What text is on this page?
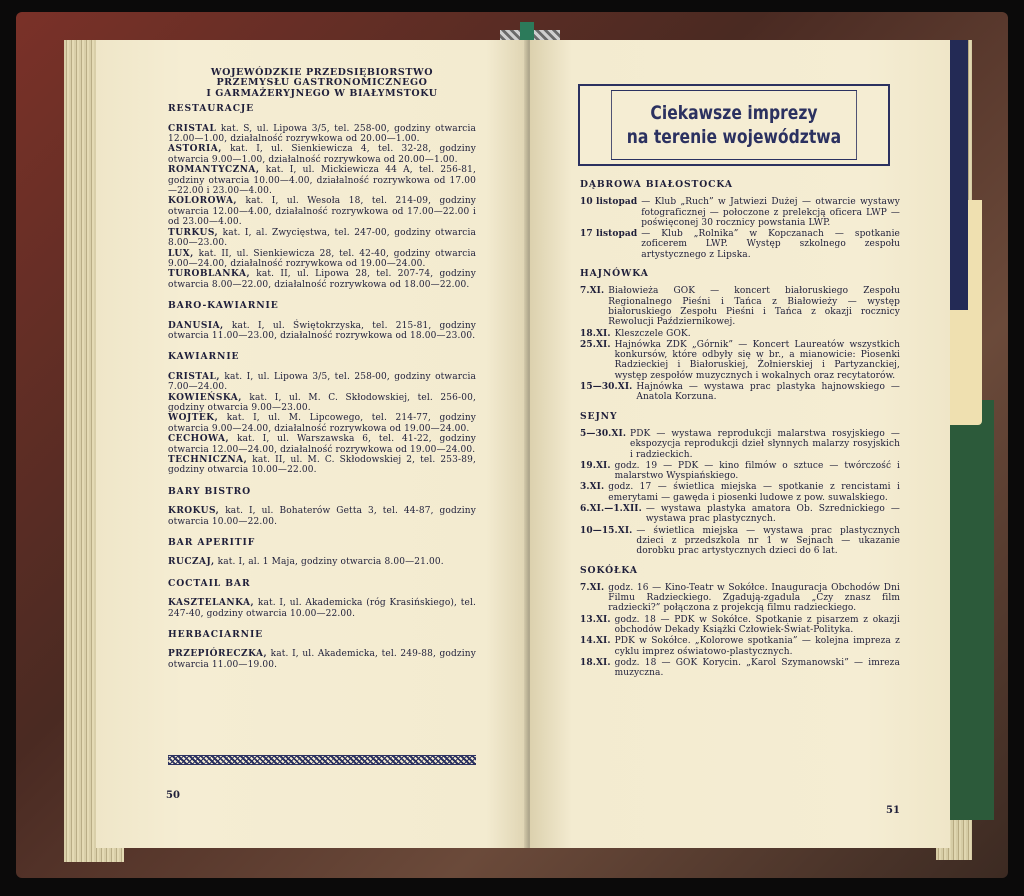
WOJEWÓDZKIE PRZEDSIĘBIORSTWO
PRZEMYSŁU GASTRONOMICZNEGO
I GARMAŻERYJNEGO W BIAŁYMSTOKU
RESTAURACJE

CRISTAL kat. S, ul. Lipowa 3/5, tel. 258-00, godziny otwarcia 12.00—1.00, działalność rozrywkowa od 20.00—1.00.

ASTORIA, kat. I, ul. Sienkiewicza 4, tel. 32-28, godziny otwarcia 9.00—1.00, działalność rozrywkowa od 20.00—1.00.

ROMANTYCZNA, kat. I, ul. Mickiewicza 44 A, tel. 256-81, godziny otwarcia 10.00—4.00, działalność rozrywkowa od 17.00—22.00 i 23.00—4.00.

KOLOROWA, kat. I, ul. Wesoła 18, tel. 214-09, godziny otwarcia 12.00—4.00, działalność rozrywkowa od 17.00—22.00 i od 23.00—4.00.

TURKUS, kat. I, al. Zwycięstwa, tel. 247-00, godziny otwarcia 8.00—23.00.

LUX, kat. II, ul. Sienkiewicza 28, tel. 42-40, godziny otwarcia 9.00—24.00, działalność rozrywkowa od 19.00—24.00.

TUROBLANKA, kat. II, ul. Lipowa 28, tel. 207-74, godziny otwarcia 8.00—22.00, działalność rozrywkowa od 18.00—22.00.

BARO-KAWIARNIE

DANUSIA, kat. I, ul. Świętokrzyska, tel. 215-81, godziny otwarcia 11.00—23.00, działalność rozrywkowa od 18.00—23.00.

KAWIARNIE

CRISTAL, kat. I, ul. Lipowa 3/5, tel. 258-00, godziny otwarcia 7.00—24.00.

KOWIEŃSKA, kat. I, ul. M. C. Skłodowskiej, tel. 256-00, godziny otwarcia 9.00—23.00.

WOJTEK, kat. I, ul. M. Lipcowego, tel. 214-77, godziny otwarcia 9.00—24.00, działalność rozrywkowa od 19.00—24.00.

CECHOWA, kat. I, ul. Warszawska 6, tel. 41-22, godziny otwarcia 12.00—24.00, działalność rozrywkowa od 19.00—24.00.

TECHNICZNA, kat. II, ul. M. C. Skłodowskiej 2, tel. 253-89, godziny otwarcia 10.00—22.00.

BARY BISTRO

KROKUS, kat. I, ul. Bohaterów Getta 3, tel. 44-87, godziny otwarcia 10.00—22.00.

BAR APERITIF

RUCZAJ, kat. I, al. 1 Maja, godziny otwarcia 8.00—21.00.

COCTAIL BAR

KASZTELANKA, kat. I, ul. Akademicka (róg Krasińskiego), tel. 247-40, godziny otwarcia 10.00—22.00.

HERBACIARNIE

PRZEPIÓRECZKA, kat. I, ul. Akademicka, tel. 249-88, godziny otwarcia 11.00—19.00.

50
Ciekawsze imprezy
na terenie województwa
DĄBROWA BIAŁOSTOCKA
10 listopad — Klub „Ruch” w Jatwiezi Dużej — otwarcie wystawy fotograficznej — połoczone z prelekcją oficera LWP — poświęconej 30 rocznicy powstania LWP.
17 listopad — Klub „Rolnika” w Kopczanach — spotkanie zoficerem LWP. Występ szkolnego zespołu artystycznego z Lipska.
HAJNÓWKA
7.XI. Białowieża GOK — koncert białoruskiego Zespołu Regionalnego Pieśni i Tańca z Białowieży — występ białoruskiego Zespołu Pieśni i Tańca z okazji rocznicy Rewolucji Październikowej.
18.XI. Kleszczele GOK.
25.XI. Hajnówka ZDK „Górnik” — Koncert Laureatów wszystkich konkursów, które odbyły się w br., a mianowicie: Piosenki Radzieckiej i Białoruskiej, Żołnierskiej i Partyzanckiej, występ zespołów muzycznych i wokalnych oraz recytatorów.
15—30.XI. Hajnówka — wystawa prac plastyka hajnowskiego — Anatola Korzuna.
SEJNY
5—30.XI. PDK — wystawa reprodukcji malarstwa rosyjskiego — ekspozycja reprodukcji dzieł słynnych malarzy rosyjskich i radzieckich.
19.XI. godz. 19 — PDK — kino filmów o sztuce — twórczość i malarstwo Wyspiańskiego.
3.XI. godz. 17 — świetlica miejska — spotkanie z rencistami i emerytami — gawęda i piosenki ludowe z pow. suwalskiego.
6.XI.—1.XII. — wystawa plastyka amatora Ob. Szrednickiego — wystawa prac plastycznych.
10—15.XI. — świetlica miejska — wystawa prac plastycznych dzieci z przedszkola nr 1 w Sejnach — ukazanie dorobku prac artystycznych dzieci do 6 lat.
SOKÓŁKA
7.XI. godz. 16 — Kino-Teatr w Sokółce. Inauguracja Obchodów Dni Filmu Radzieckiego. Zgadują-zgadula „Czy znasz film radziecki?” połączona z projekcją filmu radzieckiego.
13.XI. godz. 18 — PDK w Sokółce. Spotkanie z pisarzem z okazji obchodów Dekady Książki Człowiek-Świat-Polityka.
14.XI. PDK w Sokółce. „Kolorowe spotkania” — kolejna impreza z cyklu imprez oświatowo-plastycznych.
18.XI. godz. 18 — GOK Korycin. „Karol Szymanowski” — imreza muzyczna.
51
